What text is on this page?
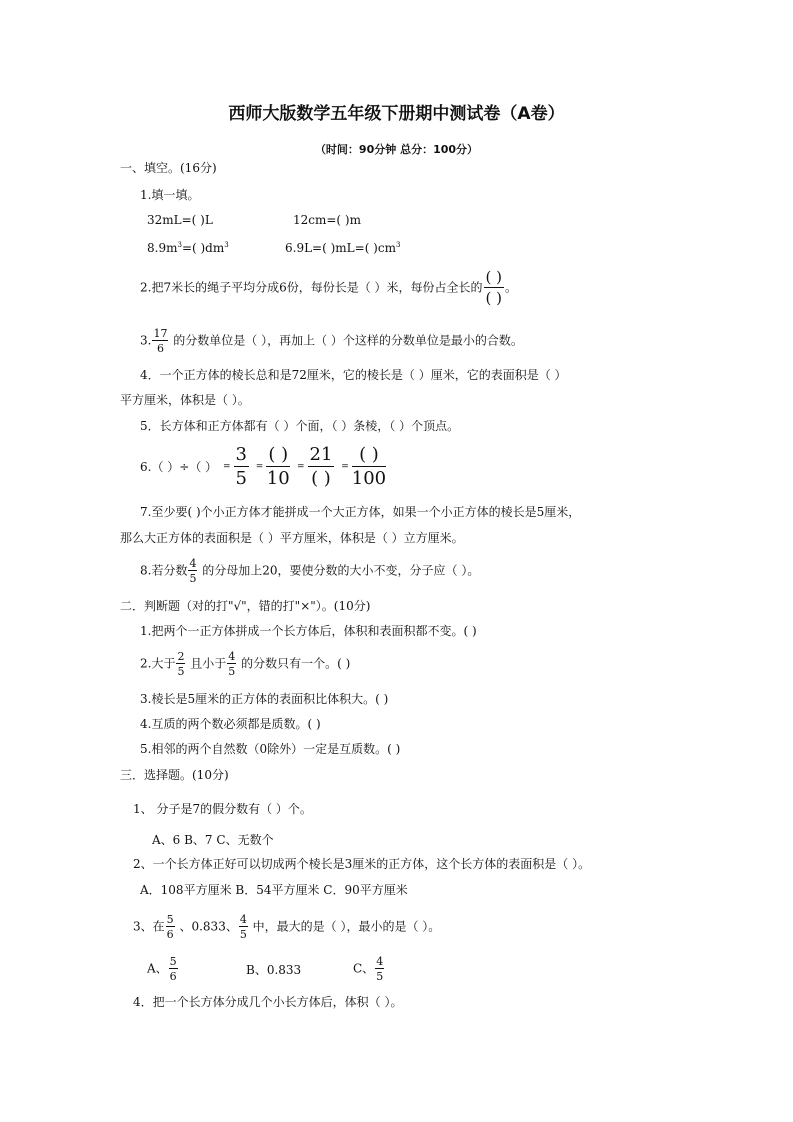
西师大版数学五年级下册期中测试卷（A卷）
（时间：90分钟 总分：100分）
一、填空。(16分)
1.填一填。
32mL=( )L	12cm=( )m
$8.9m^3=$( )$dm^3$	6.9L=( )mL=( )$cm^3$
2.把7米长的绳子平均分成6份，每份长是（ ）米，每份占全长的
( )
( )
。
3. $\frac{17}{6}$ 的分数单位是（ ），再加上（ ）个这样的分数单位是最小的合数。
4．一个正方体的棱长总和是72厘米，它的棱长是（ ）厘米，它的表面积是（ ）
平方厘米，体积是（ ）。
5．长方体和正方体都有（ ）个面，（ ）条棱，（ ）个顶点。
6.（ ）÷（ ） = $\frac{3}{5}$ =
( )
10
=
21
( )
=
( )
100
7.至少要( )个小正方体才能拼成一个大正方体，如果一个小正方体的棱长是5厘米，
那么大正方体的表面积是（ ）平方厘米，体积是（ ）立方厘米。
8.若分数 $\frac{4}{5}$ 的分母加上20，要使分数的大小不变，分子应（ ）。
二．判断题（对的打"√"，错的打"×"）。(10分)
1.把两个一正方体拼成一个长方体后，体积和表面积都不变。( )
2.大于 $\frac{2}{5}$ 且小于 $\frac{4}{5}$ 的分数只有一个。( )
3.棱长是5厘米的正方体的表面积比体积大。( )
4.互质的两个数必须都是质数。( )
5.相邻的两个自然数（0除外）一定是互质数。( )
三．选择题。(10分)
1、 分子是7的假分数有（ ）个。
A、6 B、7 C、无数个
2、一个长方体正好可以切成两个棱长是3厘米的正方体，这个长方体的表面积是（ ）。
A．108平方厘米 B．54平方厘米 C．90平方厘米
3、在 $\frac{5}{6}$ 、0.833、 $\frac{4}{5}$ 中，最大的是（ ），最小的是（ ）。
A、 $\frac{5}{6}$	B、0.833	C、 $\frac{4}{5}$
4．把一个长方体分成几个小长方体后，体积（ ）。
